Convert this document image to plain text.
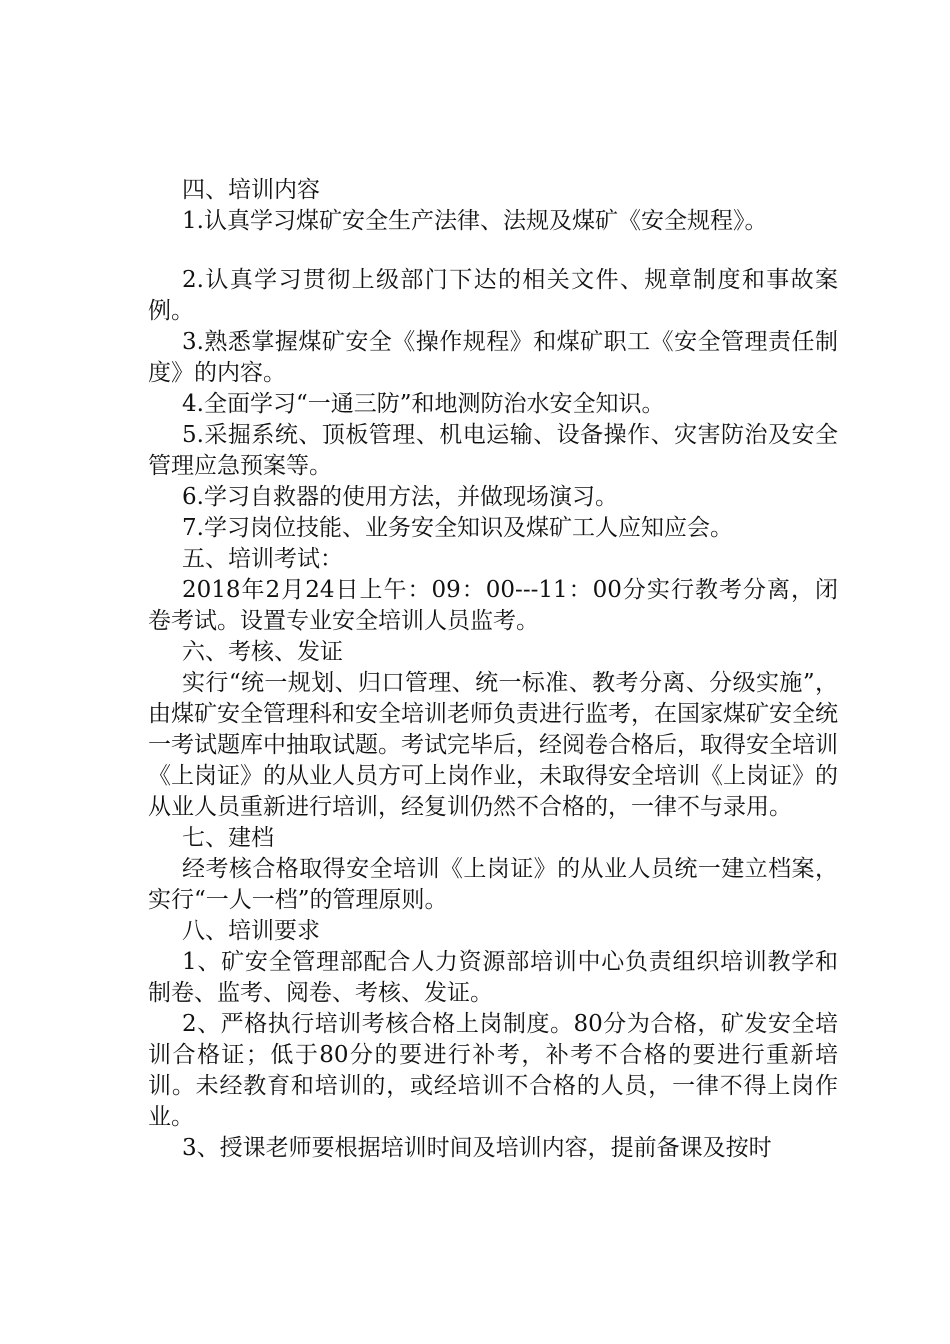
四、培训内容

1.认真学习煤矿安全生产法律、法规及煤矿《安全规程》。

2.认真学习贯彻上级部门下达的相关文件、规章制度和事故案例。

3.熟悉掌握煤矿安全《操作规程》和煤矿职工《安全管理责任制度》的内容。

4.全面学习“一通三防”和地测防治水安全知识。

5.采掘系统、顶板管理、机电运输、设备操作、灾害防治及安全管理应急预案等。

6.学习自救器的使用方法，并做现场演习。

7.学习岗位技能、业务安全知识及煤矿工人应知应会。

五、培训考试：

2018年2月24日上午：09：00---11：00分实行教考分离，闭卷考试。设置专业安全培训人员监考。

六、考核、发证

实行“统一规划、归口管理、统一标准、教考分离、分级实施”，由煤矿安全管理科和安全培训老师负责进行监考，在国家煤矿安全统一考试题库中抽取试题。考试完毕后，经阅卷合格后，取得安全培训《上岗证》的从业人员方可上岗作业，未取得安全培训《上岗证》的从业人员重新进行培训，经复训仍然不合格的，一律不与录用。

七、建档

经考核合格取得安全培训《上岗证》的从业人员统一建立档案，实行“一人一档”的管理原则。

八、培训要求

1、矿安全管理部配合人力资源部培训中心负责组织培训教学和制卷、监考、阅卷、考核、发证。

2、严格执行培训考核合格上岗制度。80分为合格，矿发安全培训合格证；低于80分的要进行补考，补考不合格的要进行重新培训。未经教育和培训的，或经培训不合格的人员，一律不得上岗作业。

3、授课老师要根据培训时间及培训内容，提前备课及按时
